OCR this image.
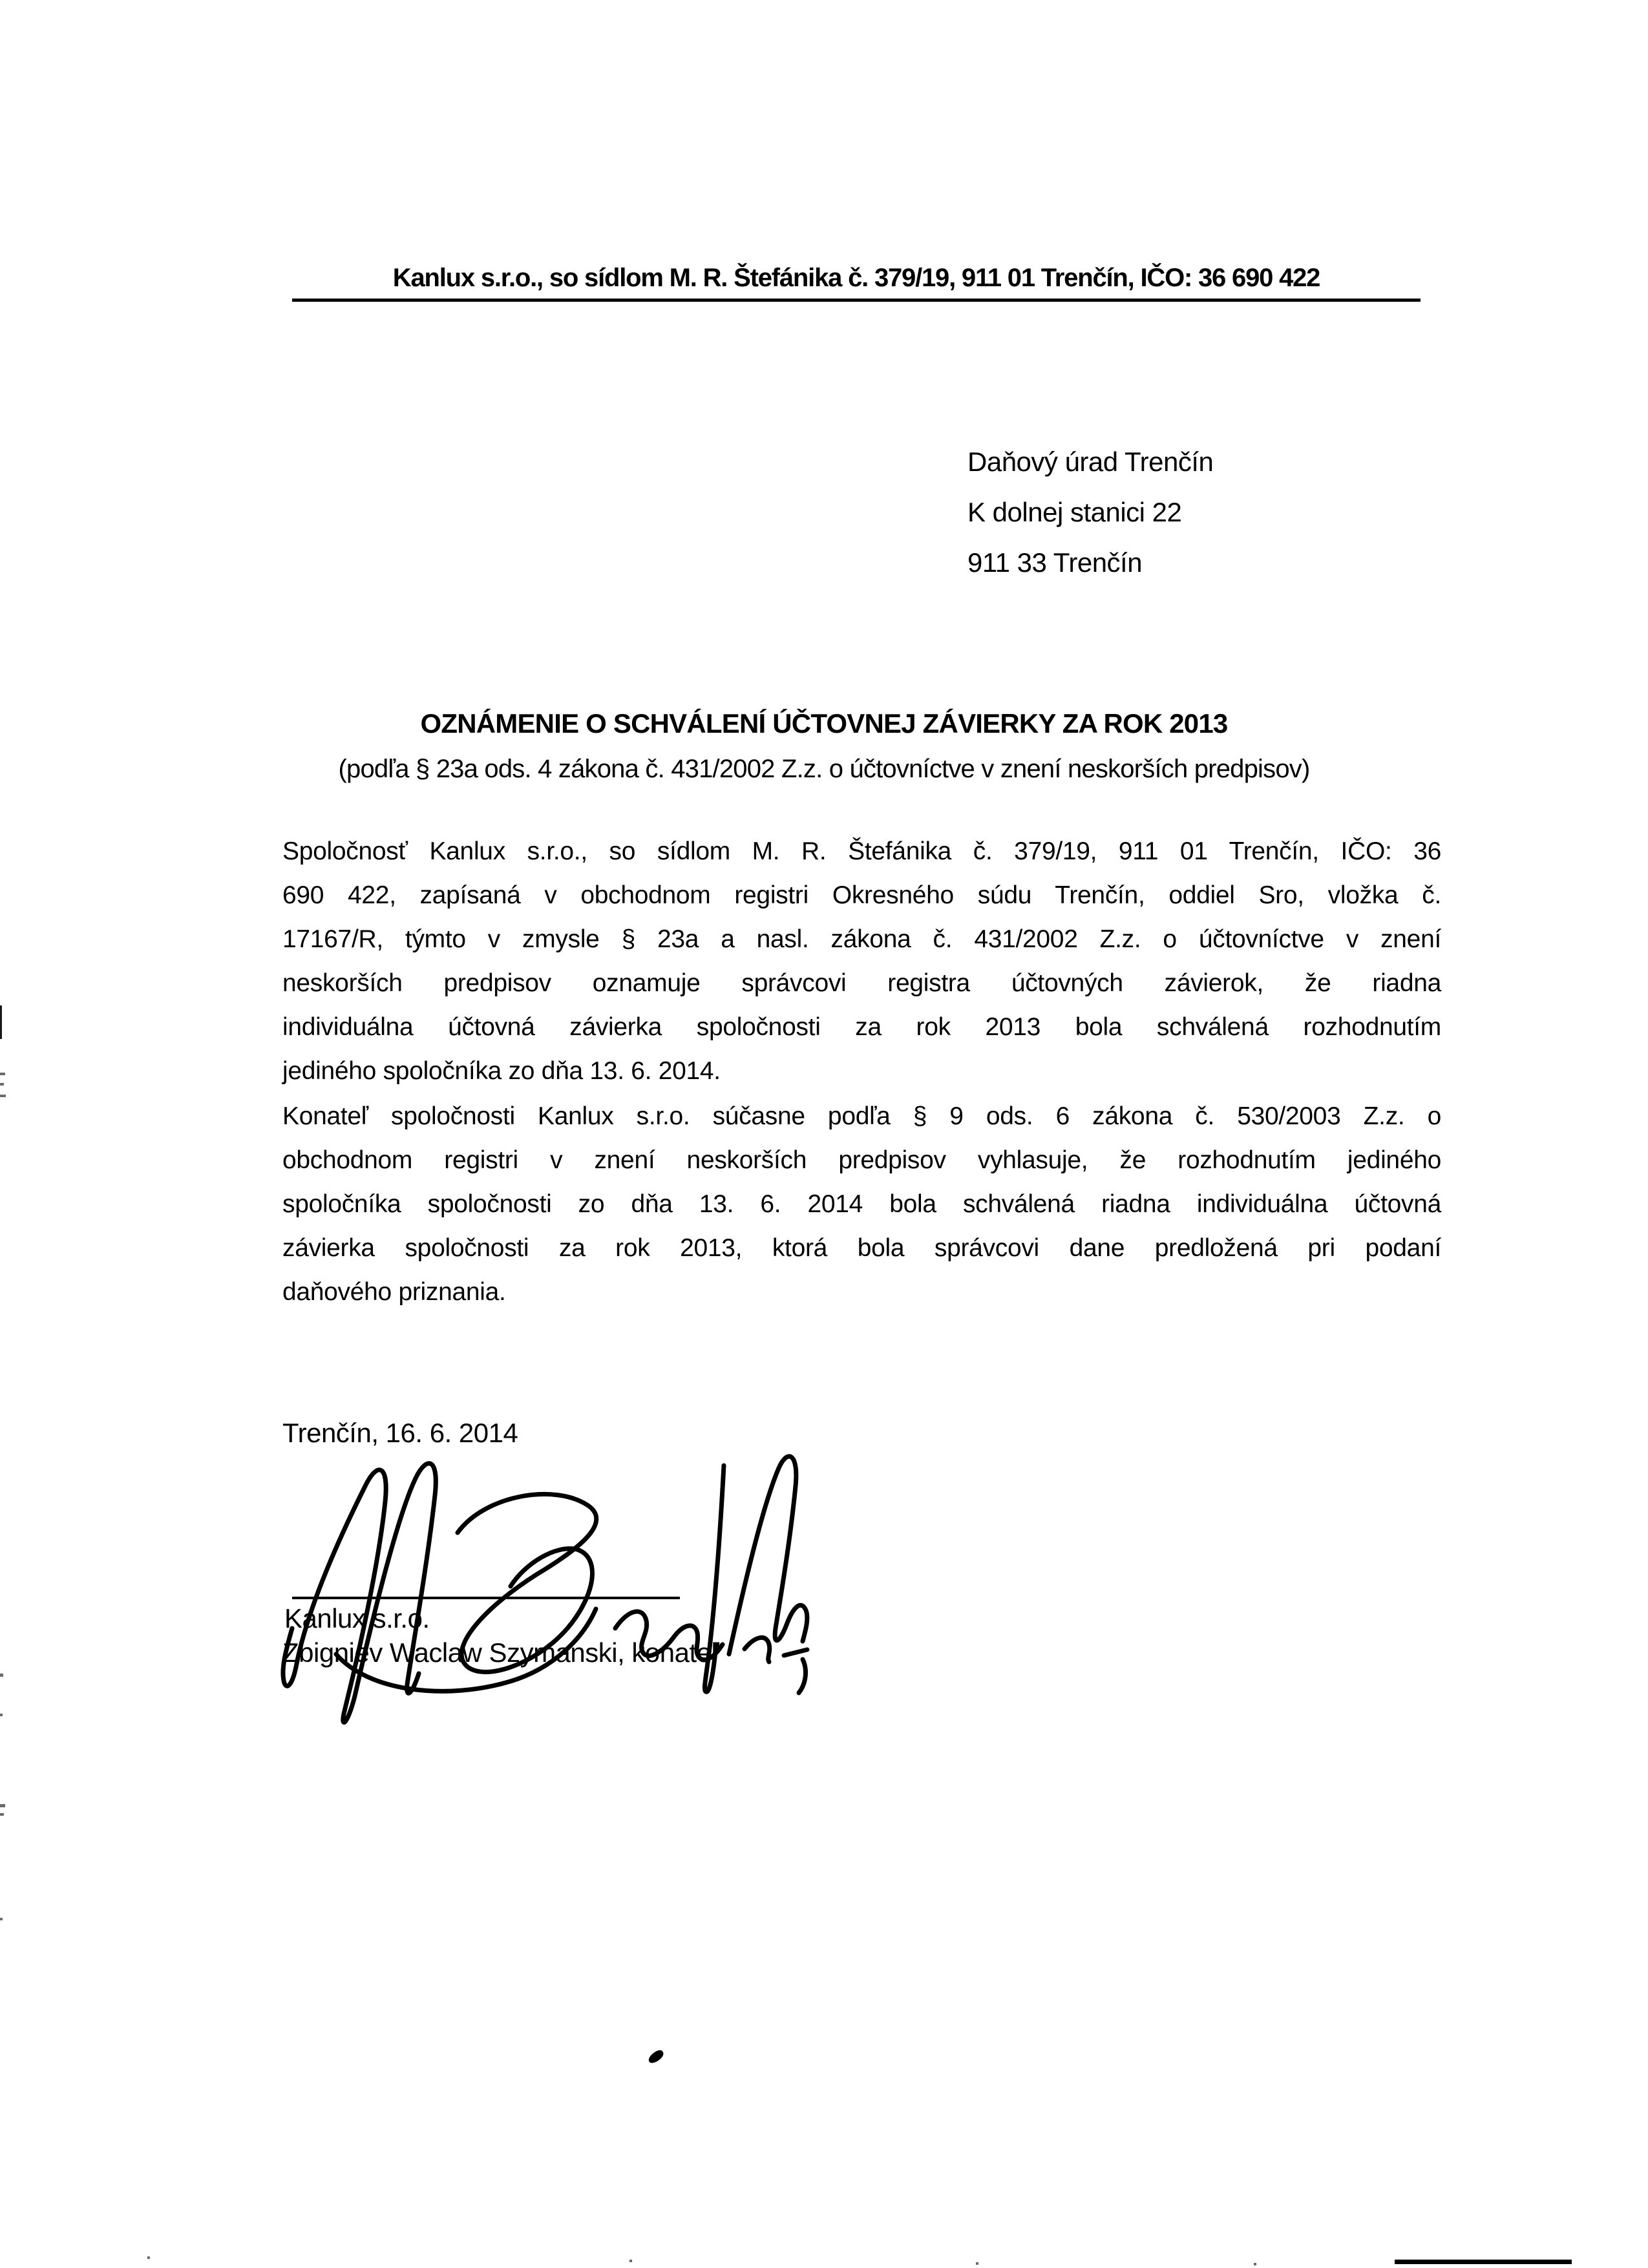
Kanlux s.r.o., so sídlom M. R. Štefánika č. 379/19, 911 01 Trenčín, IČO: 36 690 422
Daňový úrad Trenčín
K dolnej stanici 22
911 33 Trenčín
OZNÁMENIE O SCHVÁLENÍ ÚČTOVNEJ ZÁVIERKY ZA ROK 2013
(podľa § 23a ods. 4 zákona č. 431/2002 Z.z. o účtovníctve v znení neskorších predpisov)
Spoločnosť Kanlux s.r.o., so sídlom M. R. Štefánika č. 379/19, 911 01 Trenčín, IČO: 36
690 422, zapísaná v obchodnom registri Okresného súdu Trenčín, oddiel Sro, vložka č.
17167/R, týmto v zmysle § 23a a nasl. zákona č. 431/2002 Z.z. o účtovníctve v znení
neskorších predpisov oznamuje správcovi registra účtovných závierok, že riadna
individuálna účtovná závierka spoločnosti za rok 2013 bola schválená rozhodnutím
jediného spoločníka zo dňa 13. 6. 2014.
Konateľ spoločnosti Kanlux s.r.o. súčasne podľa § 9 ods. 6 zákona č. 530/2003 Z.z. o
obchodnom registri v znení neskorších predpisov vyhlasuje, že rozhodnutím jediného
spoločníka spoločnosti zo dňa 13. 6. 2014 bola schválená riadna individuálna účtovná
závierka spoločnosti za rok 2013, ktorá bola správcovi dane predložená pri podaní
daňového priznania.
Trenčín, 16. 6. 2014
Kanlux s.r.o.
Zbigniev Waclaw Szymanski, konateľ
